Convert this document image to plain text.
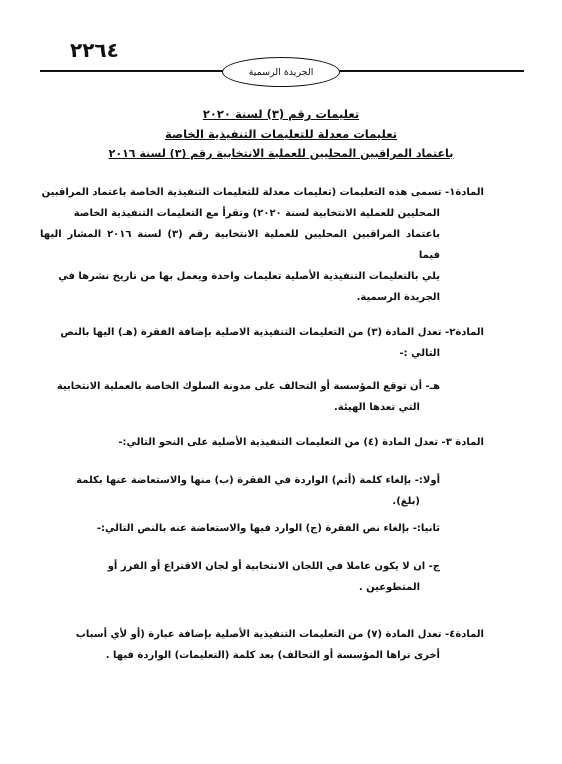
٢٢٦٤
الجريدة الرسمية
تعليمات رقم (٣) لسنة ٢٠٢٠
تعليمات معدلة للتعليمات التنفيذية الخاصة
باعتماد المراقبين المحليين للعملية الانتخابية رقم (٣) لسنة ٢٠١٦
المادة١- تسمى هذه التعليمات (تعليمات معدلة للتعليمات التنفيذية الخاصة باعتماد المراقبين
المحليين للعملية الانتخابية لسنة ٢٠٢٠) وتقرأ مع التعليمات التنفيذية الخاصة
باعتماد المراقبين المحليين للعملية الانتخابية رقم (٣) لسنة ٢٠١٦ المشار اليها فيما
يلي بالتعليمات التنفيذية الأصلية تعليمات واحدة ويعمل بها من تاريخ نشرها في
الجريدة الرسمية.
المادة٢- تعدل المادة (٣) من التعليمات التنفيذية الاصلية بإضافة الفقرة (هـ) اليها بالنص
التالي :-
هـ- أن توقع المؤسسة أو التحالف على مدونة السلوك الخاصة بالعملية الانتخابية
التي تعدها الهيئة.
المادة ٣- تعدل المادة (٤) من التعليمات التنفيذية الأصلية على النحو التالي:-
أولا:- بإلغاء كلمة (أتم) الواردة في الفقرة (ب) منها والاستعاضة عنها بكلمة
(بلغ).
ثانيا:- بإلغاء نص الفقرة (ج) الوارد فيها والاستعاضة عنه بالنص التالي:-
ج- ان لا يكون عاملا في اللجان الانتخابية أو لجان الاقتراع أو الفرز أو
المتطوعين .
المادة٤- تعدل المادة (٧) من التعليمات التنفيذية الأصلية بإضافة عبارة (أو لأي أسباب
أخرى تراها المؤسسة أو التحالف) بعد كلمة (التعليمات) الواردة فيها .
